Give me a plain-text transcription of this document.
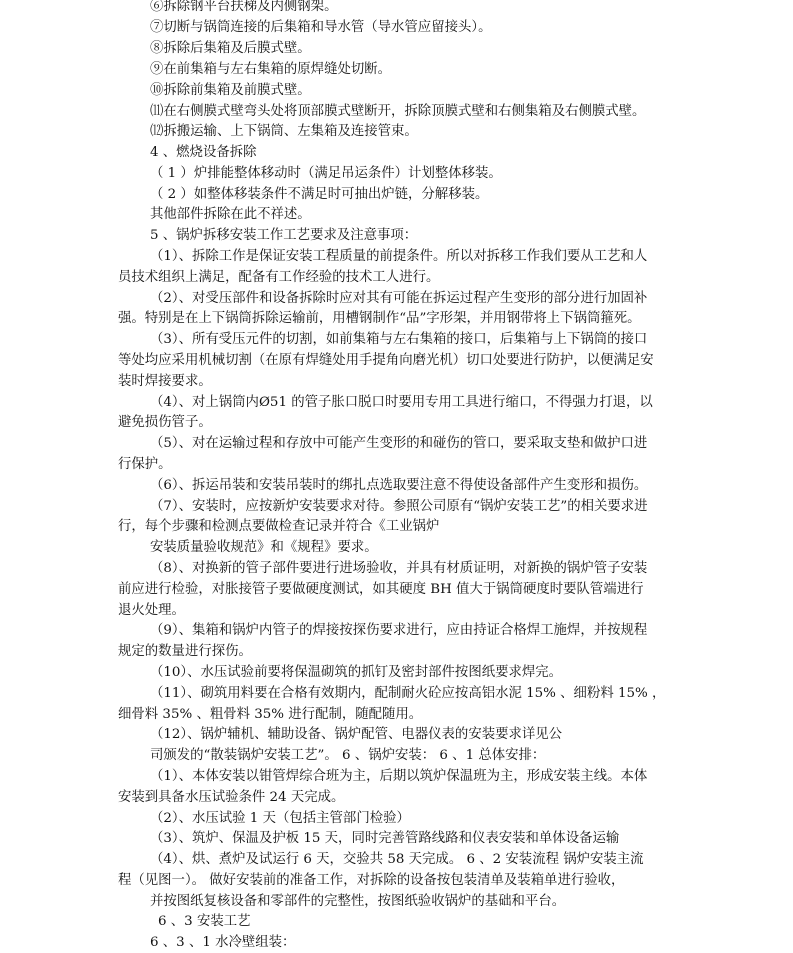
⑥拆除钢平台扶梯及内侧钢架。

⑦切断与锅筒连接的后集箱和导水管（导水管应留接头）。

⑧拆除后集箱及后膜式壁。

⑨在前集箱与左右集箱的原焊缝处切断。

⑩拆除前集箱及前膜式壁。

⑾在右侧膜式壁弯头处将顶部膜式壁断开，拆除顶膜式壁和右侧集箱及右侧膜式壁。

⑿拆搬运输、上下锅筒、左集箱及连接管束。

4 、燃烧设备拆除

（ 1 ）炉排能整体移动时（满足吊运条件）计划整体移装。

（ 2 ）如整体移装条件不满足时可抽出炉链，分解移装。

其他部件拆除在此不祥述。

5 、锅炉拆移安装工作工艺要求及注意事项：

（1）、拆除工作是保证安装工程质量的前提条件。所以对拆移工作我们要从工艺和人

员技术组织上满足，配备有工作经验的技术工人进行。

（2）、对受压部件和设备拆除时应对其有可能在拆运过程产生变形的部分进行加固补

强。特别是在上下锅筒拆除运输前，用槽钢制作“品”字形架，并用钢带将上下锅筒箍死。

（3）、所有受压元件的切割，如前集箱与左右集箱的接口，后集箱与上下锅筒的接口

等处均应采用机械切割（在原有焊缝处用手提角向磨光机）切口处要进行防护，以便满足安

装时焊接要求。

（4）、对上锅筒内Ø51 的管子胀口脱口时要用专用工具进行缩口，不得强力打退，以

避免损伤管子。

（5）、对在运输过程和存放中可能产生变形的和碰伤的管口，要采取支垫和做护口进

行保护。

（6）、拆运吊装和安装吊装时的绑扎点选取要注意不得使设备部件产生变形和损伤。

（7）、安装时，应按新炉安装要求对待。参照公司原有“锅炉安装工艺”的相关要求进

行，每个步骤和检测点要做检查记录并符合《工业锅炉

安装质量验收规范》和《规程》要求。

（8）、对换新的管子部件要进行进场验收，并具有材质证明，对新换的锅炉管子安装

前应进行检验，对胀接管子要做硬度测试，如其硬度 BH 值大于锅筒硬度时要队管端进行

退火处理。

（9）、集箱和锅炉内管子的焊接按探伤要求进行，应由持证合格焊工施焊，并按规程

规定的数量进行探伤。

（10）、水压试验前要将保温砌筑的抓钉及密封部件按图纸要求焊完。

（11）、砌筑用料要在合格有效期内，配制耐火砼应按高铝水泥 15% 、细粉料 15% ，

细骨料 35% 、粗骨料 35% 进行配制，随配随用。

（12）、锅炉辅机、辅助设备、锅炉配管、电器仪表的安装要求详见公

司颁发的“散装锅炉安装工艺”。 6 、锅炉安装： 6 、1 总体安排：

（1）、本体安装以钳管焊综合班为主，后期以筑炉保温班为主，形成安装主线。本体

安装到具备水压试验条件 24 天完成。

（2）、水压试验 1 天（包括主管部门检验）

（3）、筑炉、保温及护板 15 天，同时完善管路线路和仪表安装和单体设备运输

（4）、烘、煮炉及试运行 6 天，交验共 58 天完成。 6 、2 安装流程 锅炉安装主流

程（见图一）。 做好安装前的准备工作，对拆除的设备按包装清单及装箱单进行验收，

并按图纸复核设备和零部件的完整性，按图纸验收锅炉的基础和平台。

6 、3 安装工艺

6 、3 、1 水冷壁组装：
